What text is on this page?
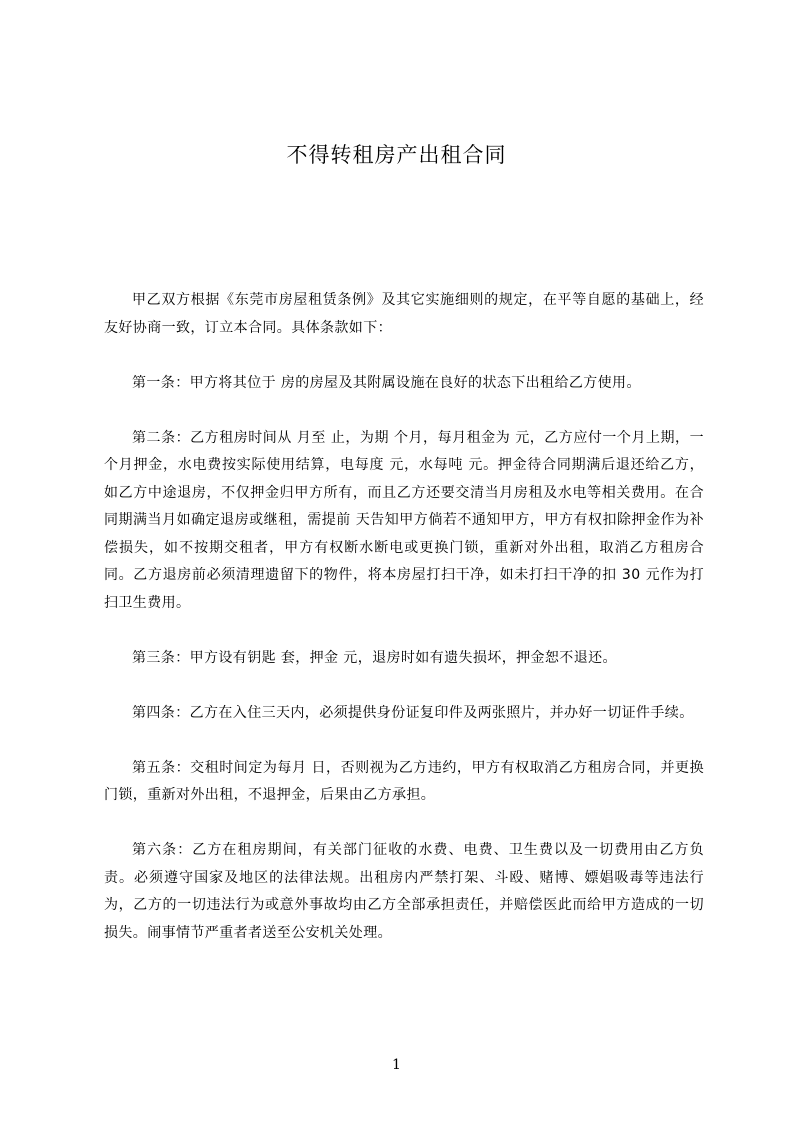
不得转租房产出租合同

甲乙双方根据《东莞市房屋租赁条例》及其它实施细则的规定，在平等自愿的基础上，经友好协商一致，订立本合同。具体条款如下：

第一条：甲方将其位于 房的房屋及其附属设施在良好的状态下出租给乙方使用。

第二条：乙方租房时间从 月至 止，为期 个月，每月租金为 元，乙方应付一个月上期，一个月押金，水电费按实际使用结算，电每度 元，水每吨 元。押金待合同期满后退还给乙方，如乙方中途退房，不仅押金归甲方所有，而且乙方还要交清当月房租及水电等相关费用。在合同期满当月如确定退房或继租，需提前 天告知甲方倘若不通知甲方，甲方有权扣除押金作为补偿损失，如不按期交租者，甲方有权断水断电或更换门锁，重新对外出租，取消乙方租房合同。乙方退房前必须清理遗留下的物件，将本房屋打扫干净，如未打扫干净的扣 30 元作为打扫卫生费用。

第三条：甲方设有钥匙 套，押金 元，退房时如有遗失损坏，押金恕不退还。

第四条：乙方在入住三天内，必须提供身份证复印件及两张照片，并办好一切证件手续。

第五条：交租时间定为每月 日，否则视为乙方违约，甲方有权取消乙方租房合同，并更换门锁，重新对外出租，不退押金，后果由乙方承担。

第六条：乙方在租房期间，有关部门征收的水费、电费、卫生费以及一切费用由乙方负责。必须遵守国家及地区的法律法规。出租房内严禁打架、斗殴、赌博、嫖娼吸毒等违法行为，乙方的一切违法行为或意外事故均由乙方全部承担责任，并赔偿医此而给甲方造成的一切损失。闹事情节严重者者送至公安机关处理。

1
